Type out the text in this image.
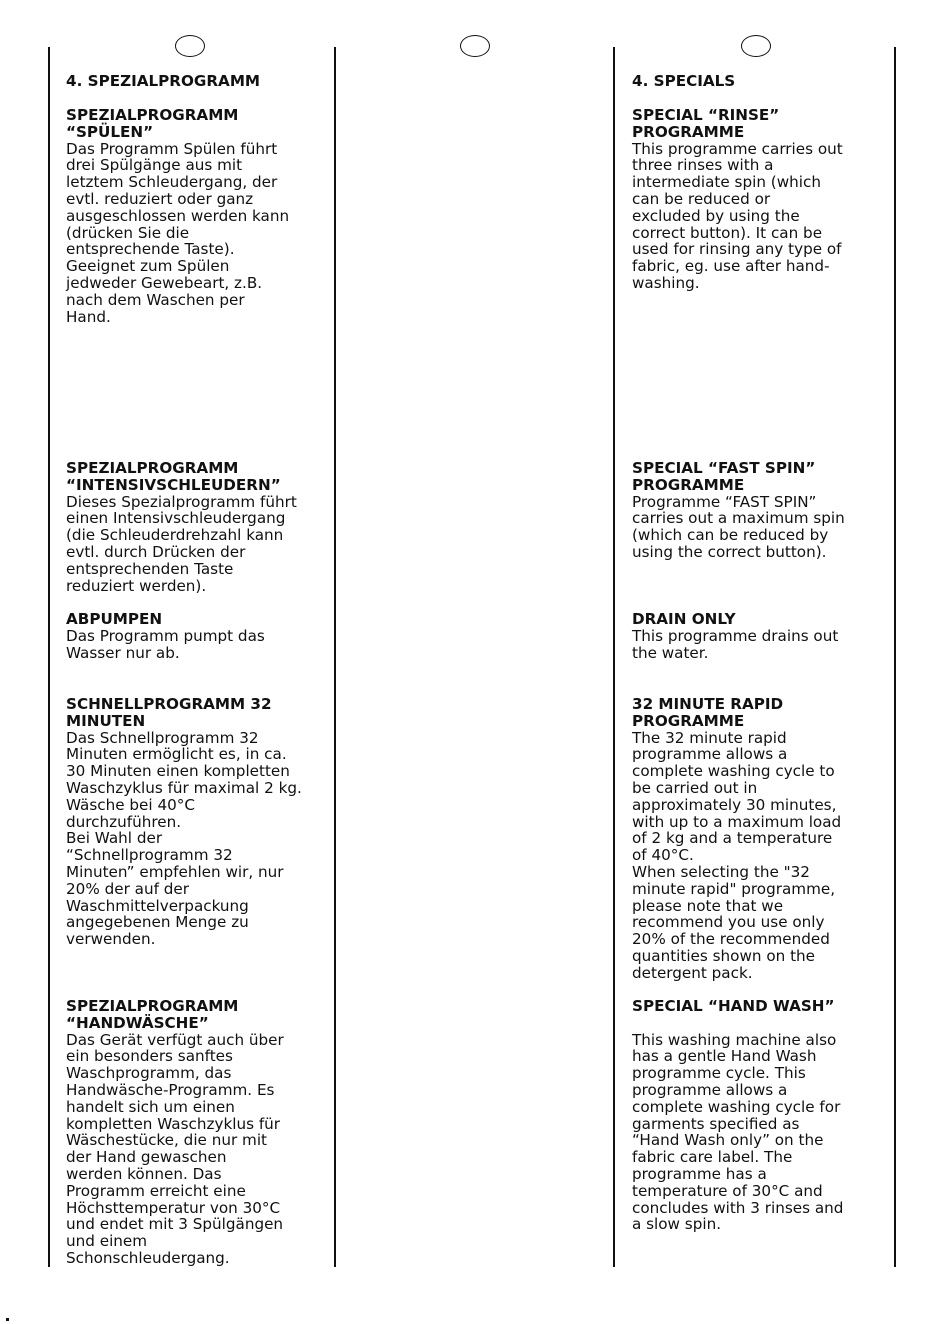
4. SPEZIALPROGRAMM
SPEZIALPROGRAMM “SPÜLEN”
Das Programm Spülen führt
drei Spülgänge aus mit
letztem Schleudergang, der
evtl. reduziert oder ganz
ausgeschlossen werden kann
(drücken Sie die
entsprechende Taste).
Geeignet zum Spülen
jedweder Gewebeart, z.B.
nach dem Waschen per
Hand.
SPEZIALPROGRAMM
“INTENSIVSCHLEUDERN”
Dieses Spezialprogramm führt
einen Intensivschleudergang
(die Schleuderdrehzahl kann
evtl. durch Drücken der
entsprechenden Taste
reduziert werden).
ABPUMPEN
Das Programm pumpt das
Wasser nur ab.
SCHNELLPROGRAMM 32
MINUTEN
Das Schnellprogramm 32
Minuten ermöglicht es, in ca.
30 Minuten einen kompletten
Waschzyklus für maximal 2 kg.
Wäsche bei 40°C
durchzuführen.
Bei Wahl der
“Schnellprogramm 32
Minuten” empfehlen wir, nur
20% der auf der
Waschmittelverpackung
angegebenen Menge zu
verwenden.
SPEZIALPROGRAMM
“HANDWÄSCHE”
Das Gerät verfügt auch über
ein besonders sanftes
Waschprogramm, das
Handwäsche-Programm. Es
handelt sich um einen
kompletten Waschzyklus für
Wäschestücke, die nur mit
der Hand gewaschen
werden können. Das
Programm erreicht eine
Höchsttemperatur von 30°C
und endet mit 3 Spülgängen
und einem
Schonschleudergang.
4. SPECIALS
SPECIAL “RINSE”
PROGRAMME
This programme carries out
three rinses with a
intermediate spin (which
can be reduced or
excluded by using the
correct button). It can be
used for rinsing any type of
fabric, eg. use after hand-
washing.
SPECIAL “FAST SPIN”
PROGRAMME
Programme “FAST SPIN”
carries out a maximum spin
(which can be reduced by
using the correct button).
DRAIN ONLY
This programme drains out
the water.
32 MINUTE RAPID
PROGRAMME
The 32 minute rapid
programme allows a
complete washing cycle to
be carried out in
approximately 30 minutes,
with up to a maximum load
of 2 kg and a temperature
of 40°C.
When selecting the "32
minute rapid" programme,
please note that we
recommend you use only
20% of the recommended
quantities shown on the
detergent pack.
SPECIAL “HAND WASH”

This washing machine also
has a gentle Hand Wash
programme cycle. This
programme allows a
complete washing cycle for
garments specified as
“Hand Wash only” on the
fabric care label. The
programme has a
temperature of 30°C and
concludes with 3 rinses and
a slow spin.
